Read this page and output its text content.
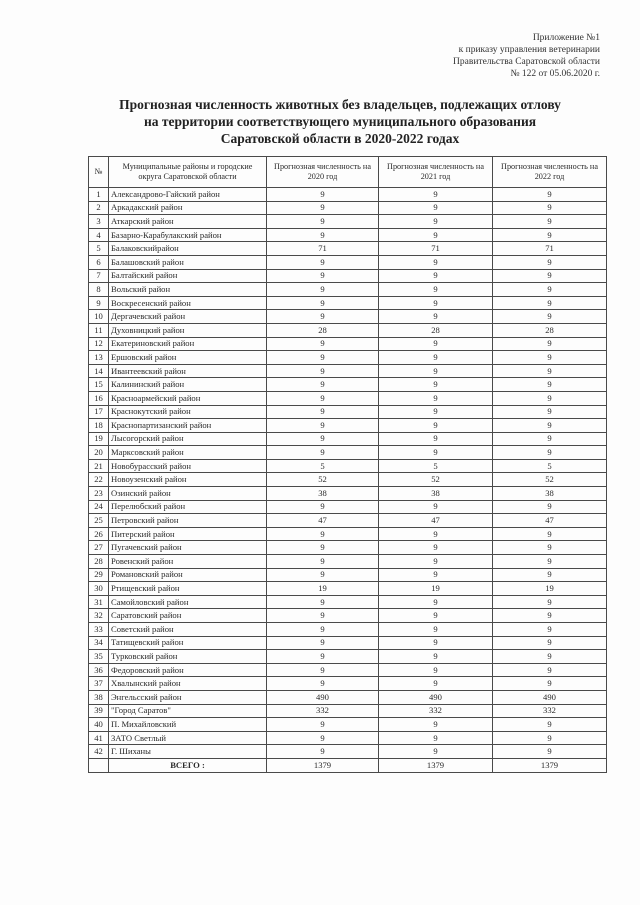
Приложение №1
к приказу управления ветеринарии
Правительства Саратовской области
№ 122 от 05.06.2020 г.
Прогнозная численность животных без владельцев, подлежащих отлову
на территории соответствующего муниципального образования
Саратовской области в 2020-2022 годах
№	Муниципальные районы и городские округа Саратовской области	Прогнозная численность на 2020 год	Прогнозная численность на 2021 год	Прогнозная численность на 2022 год
1	Александрово-Гайский район	9	9	9
2	Аркадакский район	9	9	9
3	Аткарский район	9	9	9
4	Базарно-Карабулакский район	9	9	9
5	Балаковскийрайон	71	71	71
6	Балашовский район	9	9	9
7	Балтайский район	9	9	9
8	Вольский район	9	9	9
9	Воскресенский район	9	9	9
10	Дергачевский район	9	9	9
11	Духовницкий район	28	28	28
12	Екатериновский район	9	9	9
13	Ершовский район	9	9	9
14	Ивантеевский район	9	9	9
15	Калининский район	9	9	9
16	Красноармейский район	9	9	9
17	Краснокутский район	9	9	9
18	Краснопартизанский район	9	9	9
19	Лысогорский район	9	9	9
20	Марксовский район	9	9	9
21	Новобурасский район	5	5	5
22	Новоузенский район	52	52	52
23	Озинский район	38	38	38
24	Перелюбский район	9	9	9
25	Петровский район	47	47	47
26	Питерский район	9	9	9
27	Пугачевский район	9	9	9
28	Ровенский район	9	9	9
29	Романовский район	9	9	9
30	Ртищевский район	19	19	19
31	Самойловский район	9	9	9
32	Саратовский район	9	9	9
33	Советский район	9	9	9
34	Татищевский район	9	9	9
35	Турковский район	9	9	9
36	Федоровский район	9	9	9
37	Хвалынский район	9	9	9
38	Энгельсский район	490	490	490
39	"Город Саратов"	332	332	332
40	П. Михайловский	9	9	9
41	ЗАТО Светлый	9	9	9
42	Г. Шиханы	9	9	9
	ВСЕГО :	1379	1379	1379
